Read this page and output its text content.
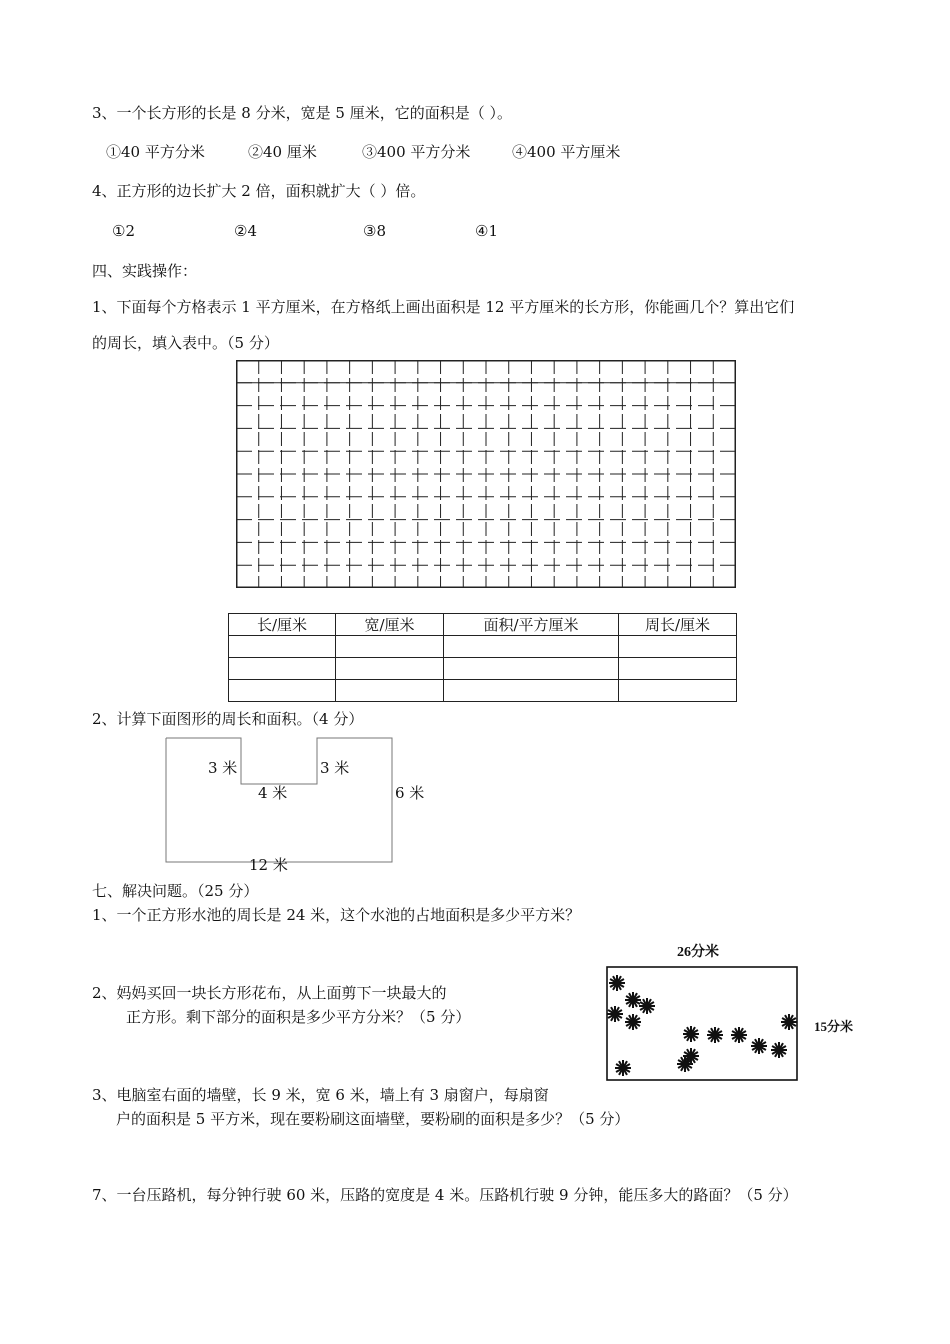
3、一个长方形的长是 8 分米，宽是 5 厘米，它的面积是（ ）。
①40 平方分米	②40 厘米	③400 平方分米	④400 平方厘米
4、正方形的边长扩大 2 倍，面积就扩大（ ）倍。
①2	②4	③8	④1
四、实践操作：
1、下面每个方格表示 1 平方厘米，在方格纸上画出面积是 12 平方厘米的长方形，你能画几个？算出它们
的周长，填入表中。（5 分）
长/厘米	宽/厘米	面积/平方厘米	周长/厘米

2、计算下面图形的周长和面积。（4 分）
3 米	3 米
4 米	6 米
12 米
七、解决问题。（25 分）
1、一个正方形水池的周长是 24 米，这个水池的占地面积是多少平方米？
2、妈妈买回一块长方形花布，从上面剪下一块最大的
正方形。剩下部分的面积是多少平方分米？（5 分）
26分米
15分米
3、电脑室右面的墙壁，长 9 米，宽 6 米，墙上有 3 扇窗户，每扇窗
户的面积是 5 平方米，现在要粉刷这面墙壁，要粉刷的面积是多少？（5 分）
7、一台压路机，每分钟行驶 60 米，压路的宽度是 4 米。压路机行驶 9 分钟，能压多大的路面？（5 分）
